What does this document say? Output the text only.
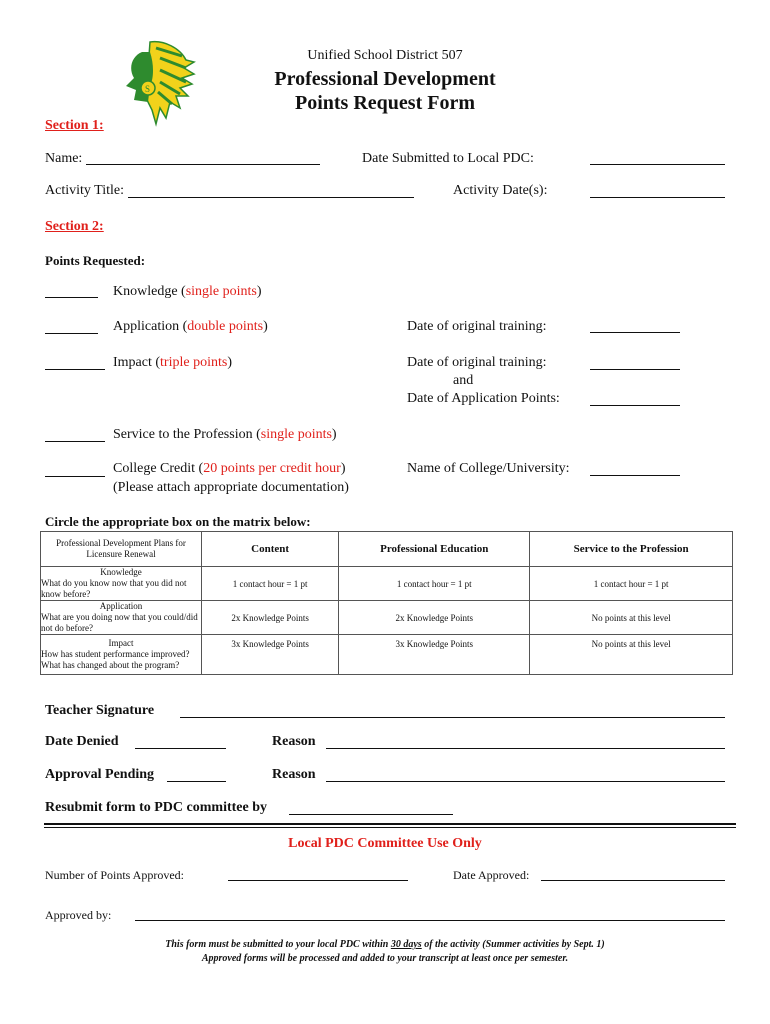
S
Unified School District 507
Professional Development
Points Request Form
Section 1:
Name:	Date Submitted to Local PDC:
Activity Title:	Activity Date(s):
Section 2:
Points Requested:
Knowledge (single points)
Application (double points)	Date of original training:
Impact (triple points)	Date of original training:
and
Date of Application Points:
Service to the Profession (single points)
College Credit (20 points per credit hour)
(Please attach appropriate documentation)
Name of College/University:
Circle the appropriate box on the matrix below:
Professional Development Plans for Licensure Renewal	Content	Professional Education	Service to the Profession

Knowledge
What do you know now that you did not know before?	1 contact hour = 1 pt	1 contact hour = 1 pt	1 contact hour = 1 pt

Application
What are you doing now that you could/did not do before?	2x Knowledge Points	2x Knowledge Points	No points at this level

Impact
How has student performance improved? What has changed about the program?	3x Knowledge Points	3x Knowledge Points	No points at this level
Teacher Signature
Date Denied	Reason
Approval Pending	Reason
Resubmit form to PDC committee by
Local PDC Committee Use Only
Number of Points Approved:	Date Approved:
Approved by:
This form must be submitted to your local PDC within 30 days of the activity (Summer activities by Sept. 1)
Approved forms will be processed and added to your transcript at least once per semester.
